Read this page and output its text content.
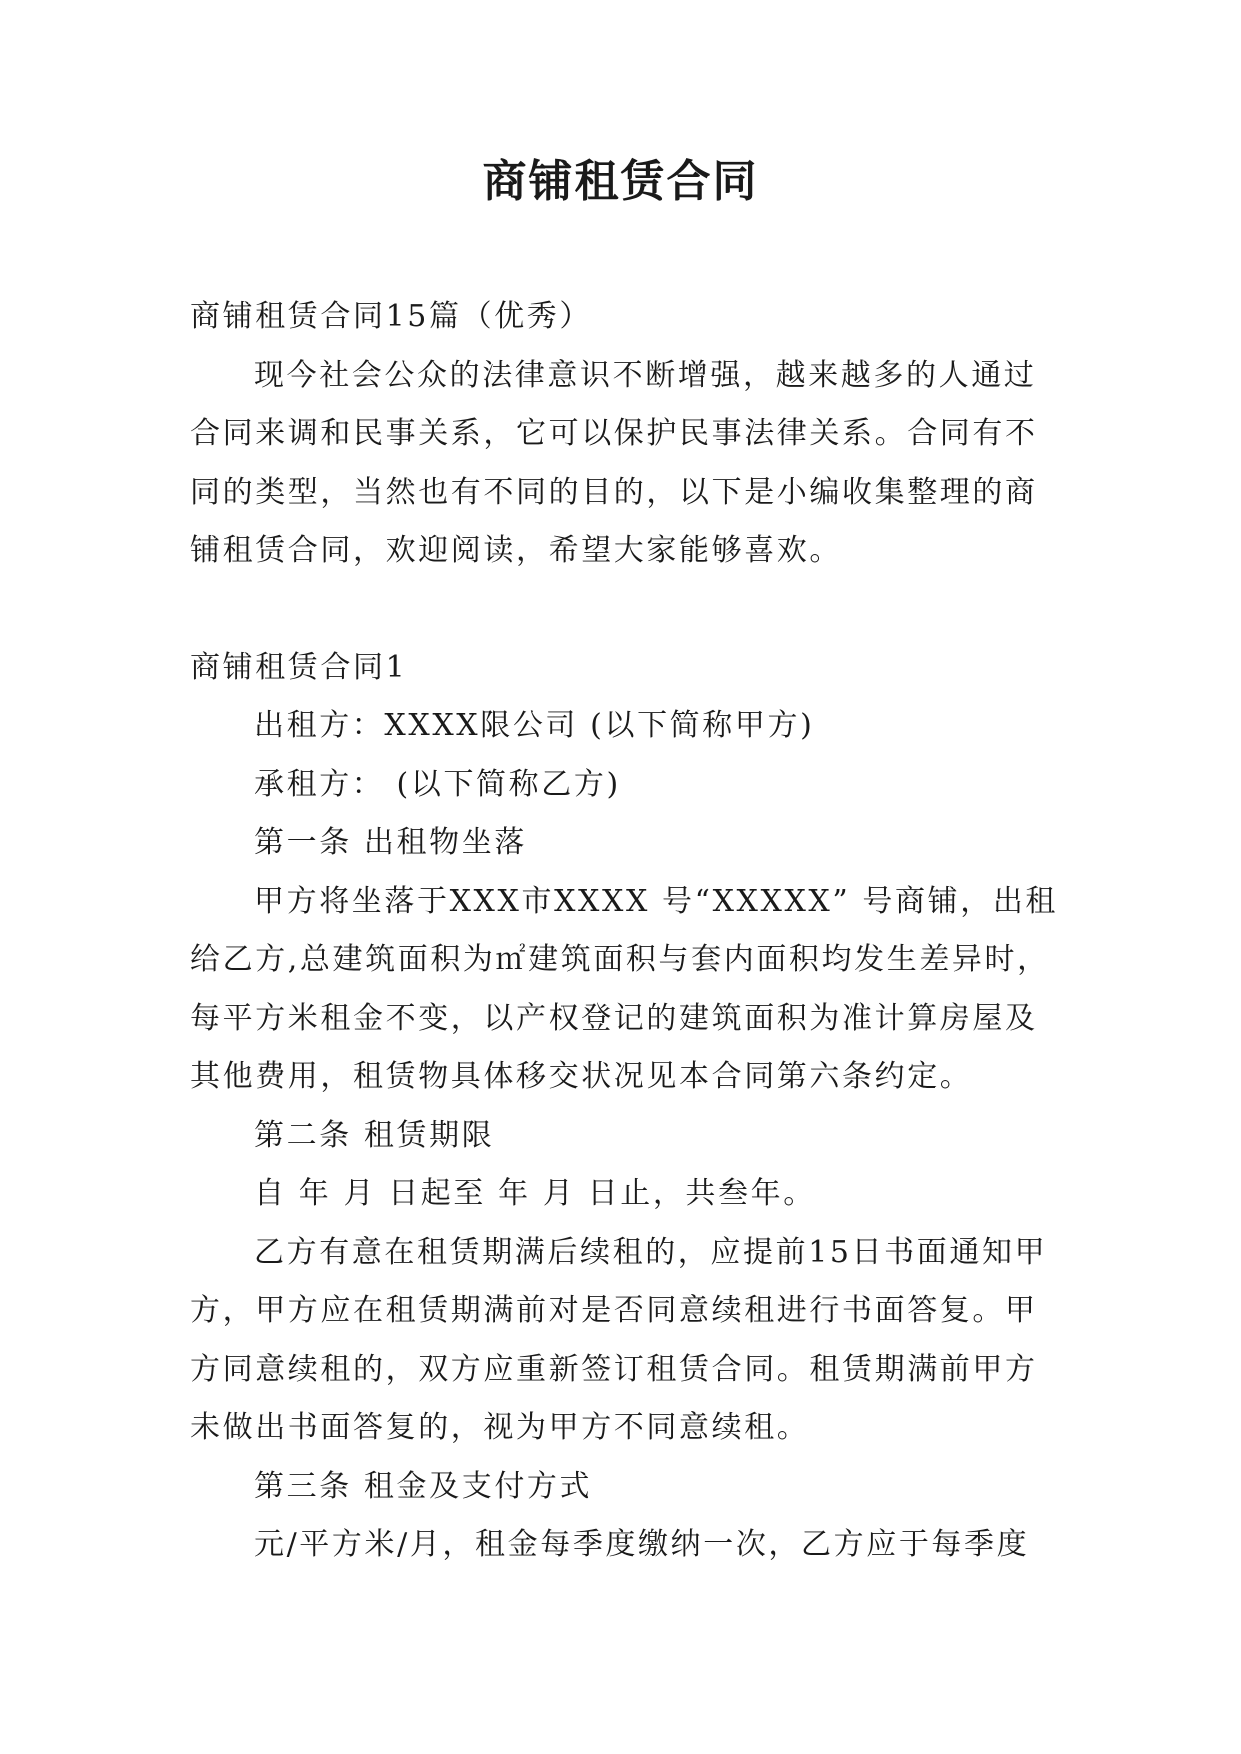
商铺租赁合同

商铺租赁合同15篇（优秀）

现今社会公众的法律意识不断增强，越来越多的人通过合同来调和民事关系，它可以保护民事法律关系。合同有不同的类型，当然也有不同的目的，以下是小编收集整理的商铺租赁合同，欢迎阅读，希望大家能够喜欢。

商铺租赁合同1

出租方：XXXX限公司 (以下简称甲方)

承租方： (以下简称乙方)

第一条 出租物坐落

甲方将坐落于XXX市XXXX 号“XXXXX” 号商铺，出租给乙方,总建筑面积为㎡建筑面积与套内面积均发生差异时，每平方米租金不变，以产权登记的建筑面积为准计算房屋及其他费用，租赁物具体移交状况见本合同第六条约定。

第二条 租赁期限

自 年 月 日起至 年 月 日止，共叁年。

乙方有意在租赁期满后续租的，应提前15日书面通知甲方，甲方应在租赁期满前对是否同意续租进行书面答复。甲方同意续租的，双方应重新签订租赁合同。租赁期满前甲方未做出书面答复的，视为甲方不同意续租。

第三条 租金及支付方式

元/平方米/月，租金每季度缴纳一次，乙方应于每季度
